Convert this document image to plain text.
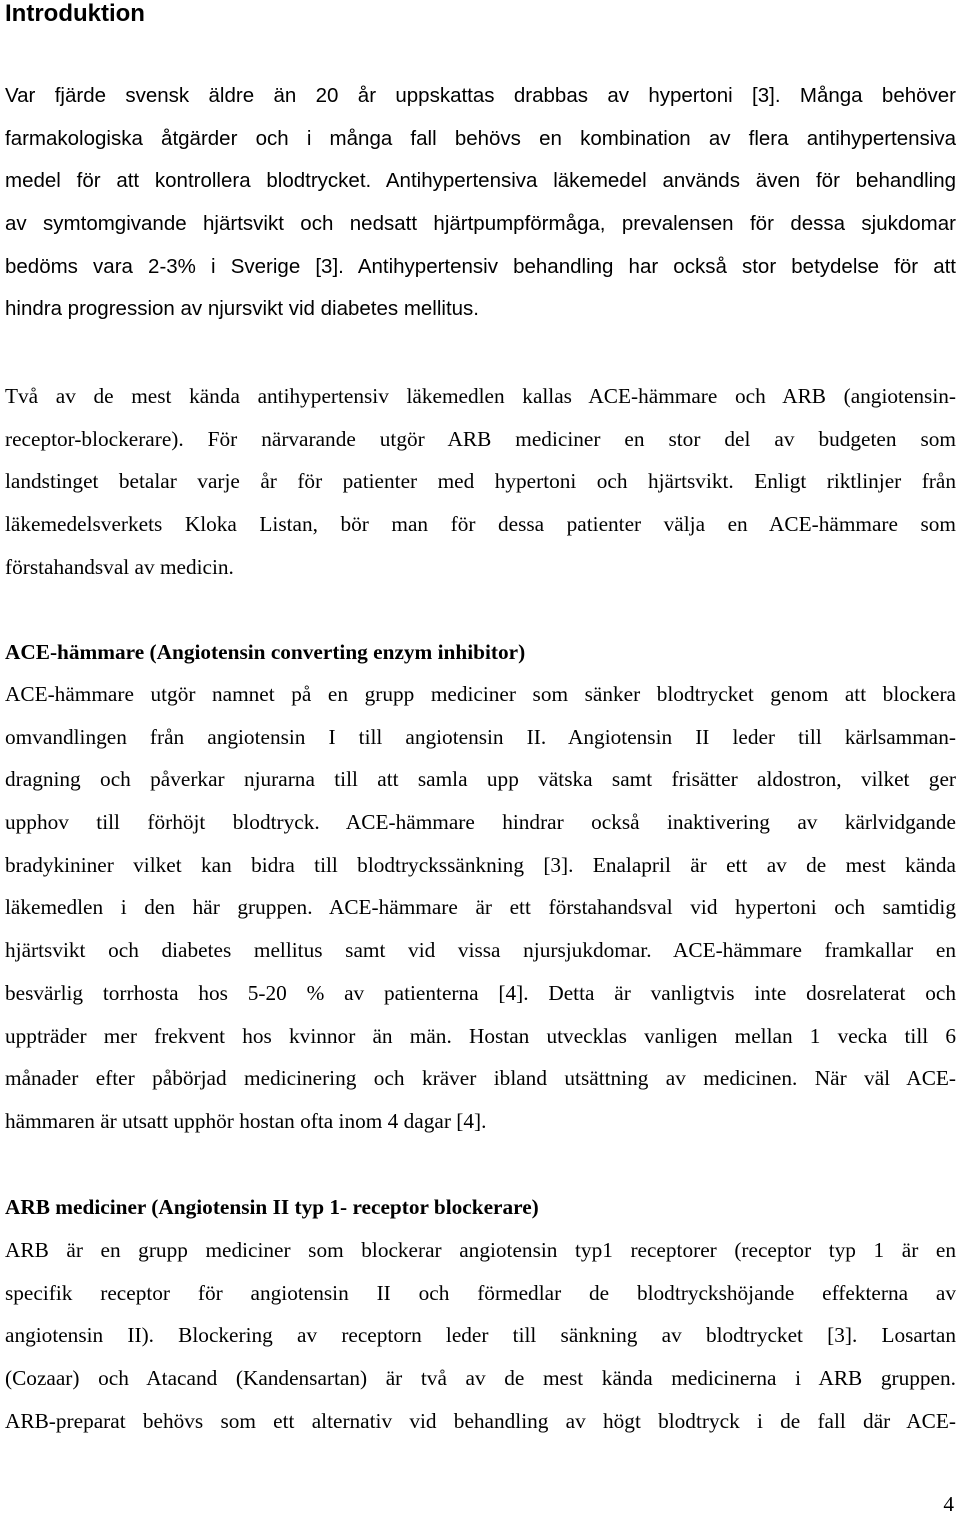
Introduktion
Var fjärde svensk äldre än 20 år uppskattas drabbas av hypertoni [3]. Många behöver
farmakologiska åtgärder och i många fall behövs en kombination av flera antihypertensiva
medel för att kontrollera blodtrycket. Antihypertensiva läkemedel används även för behandling
av symtomgivande hjärtsvikt och nedsatt hjärtpumpförmåga, prevalensen för dessa sjukdomar
bedöms vara 2-3% i Sverige [3]. Antihypertensiv behandling har också stor betydelse för att
hindra progression av njursvikt vid diabetes mellitus.
Två av de mest kända antihypertensiv läkemedlen kallas ACE-hämmare och ARB (angiotensin-
receptor-blockerare). För närvarande utgör ARB mediciner en stor del av budgeten som
landstinget betalar varje år för patienter med hypertoni och hjärtsvikt. Enligt riktlinjer från
läkemedelsverkets Kloka Listan, bör man för dessa patienter välja en ACE-hämmare som
förstahandsval av medicin.
ACE-hämmare (Angiotensin converting enzym inhibitor)
ACE-hämmare utgör namnet på en grupp mediciner som sänker blodtrycket genom att blockera
omvandlingen från angiotensin I till angiotensin II. Angiotensin II leder till kärlsamman-
dragning och påverkar njurarna till att samla upp vätska samt frisätter aldostron, vilket ger
upphov till förhöjt blodtryck. ACE-hämmare hindrar också inaktivering av kärlvidgande
bradykininer vilket kan bidra till blodtryckssänkning [3]. Enalapril är ett av de mest kända
läkemedlen i den här gruppen. ACE-hämmare är ett förstahandsval vid hypertoni och samtidig
hjärtsvikt och diabetes mellitus samt vid vissa njursjukdomar. ACE-hämmare framkallar en
besvärlig torrhosta hos 5-20 % av patienterna [4]. Detta är vanligtvis inte dosrelaterat och
uppträder mer frekvent hos kvinnor än män. Hostan utvecklas vanligen mellan 1 vecka till 6
månader efter påbörjad medicinering och kräver ibland utsättning av medicinen. När väl ACE-
hämmaren är utsatt upphör hostan ofta inom 4 dagar [4].
ARB mediciner (Angiotensin II typ 1- receptor blockerare)
ARB är en grupp mediciner som blockerar angiotensin typ1 receptorer (receptor typ 1 är en
specifik receptor för angiotensin II och förmedlar de blodtryckshöjande effekterna av
angiotensin II). Blockering av receptorn leder till sänkning av blodtrycket [3]. Losartan
(Cozaar) och Atacand (Kandensartan) är två av de mest kända medicinerna i ARB gruppen.
ARB-preparat behövs som ett alternativ vid behandling av högt blodtryck i de fall där ACE-

4
